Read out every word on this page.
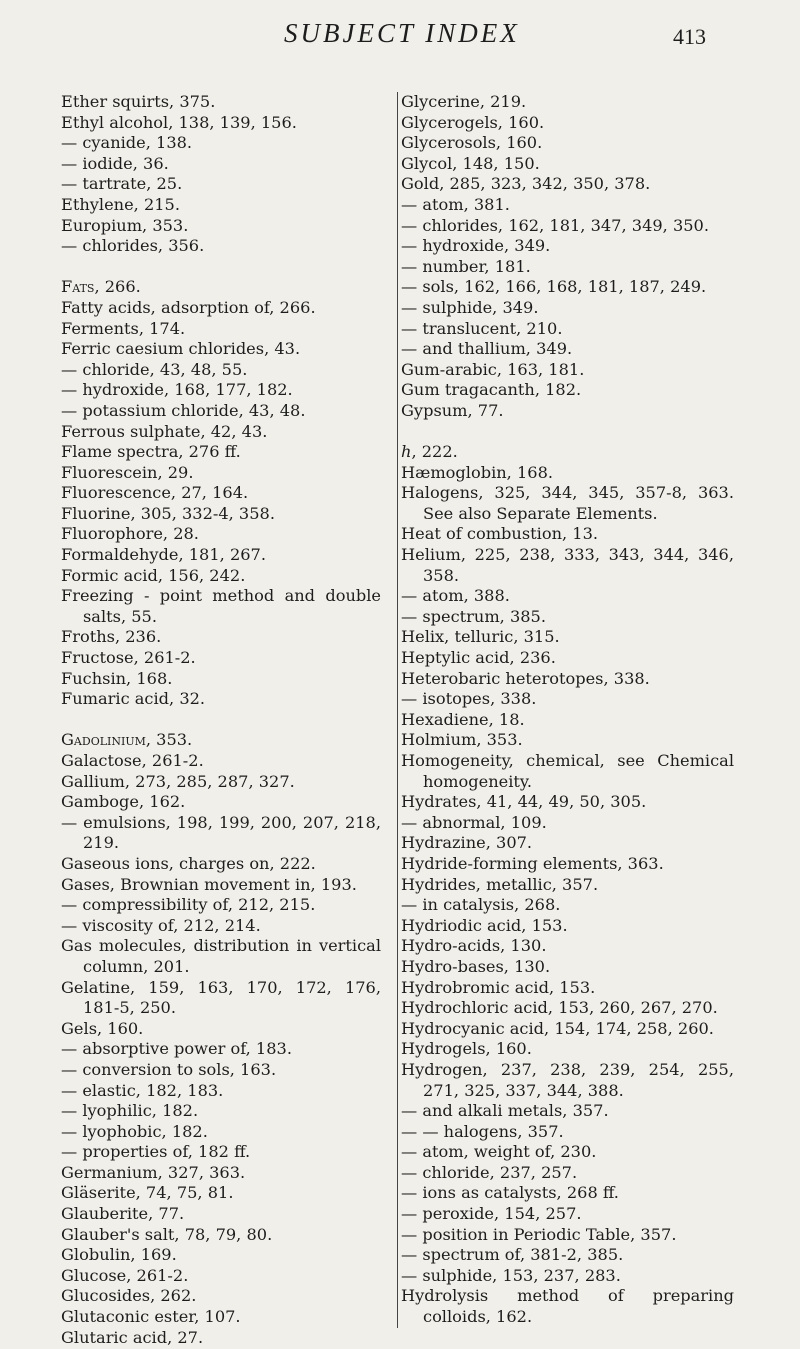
SUBJECT INDEX	413
Ether squirts, 375.
Ethyl alcohol, 138, 139, 156.
— cyanide, 138.
— iodide, 36.
— tartrate, 25.
Ethylene, 215.
Europium, 353.
— chlorides, 356.
Fats, 266.
Fatty acids, adsorption of, 266.
Ferments, 174.
Ferric caesium chlorides, 43.
— chloride, 43, 48, 55.
— hydroxide, 168, 177, 182.
— potassium chloride, 43, 48.
Ferrous sulphate, 42, 43.
Flame spectra, 276 ff.
Fluorescein, 29.
Fluorescence, 27, 164.
Fluorine, 305, 332-4, 358.
Fluorophore, 28.
Formaldehyde, 181, 267.
Formic acid, 156, 242.
Freezing - point method and double salts, 55.
Froths, 236.
Fructose, 261-2.
Fuchsin, 168.
Fumaric acid, 32.
Gadolinium, 353.
Galactose, 261-2.
Gallium, 273, 285, 287, 327.
Gamboge, 162.
— emulsions, 198, 199, 200, 207, 218, 219.
Gaseous ions, charges on, 222.
Gases, Brownian movement in, 193.
— compressibility of, 212, 215.
— viscosity of, 212, 214.
Gas molecules, distribution in vertical column, 201.
Gelatine, 159, 163, 170, 172, 176, 181-5, 250.
Gels, 160.
— absorptive power of, 183.
— conversion to sols, 163.
— elastic, 182, 183.
— lyophilic, 182.
— lyophobic, 182.
— properties of, 182 ff.
Germanium, 327, 363.
Gläserite, 74, 75, 81.
Glauberite, 77.
Glauber's salt, 78, 79, 80.
Globulin, 169.
Glucose, 261-2.
Glucosides, 262.
Glutaconic ester, 107.
Glutaric acid, 27.
Glycerine, 219.
Glycerogels, 160.
Glycerosols, 160.
Glycol, 148, 150.
Gold, 285, 323, 342, 350, 378.
— atom, 381.
— chlorides, 162, 181, 347, 349, 350.
— hydroxide, 349.
— number, 181.
— sols, 162, 166, 168, 181, 187, 249.
— sulphide, 349.
— translucent, 210.
— and thallium, 349.
Gum-arabic, 163, 181.
Gum tragacanth, 182.
Gypsum, 77.
h, 222.
Hæmoglobin, 168.
Halogens, 325, 344, 345, 357-8, 363. See also Separate Elements.
Heat of combustion, 13.
Helium, 225, 238, 333, 343, 344, 346, 358.
— atom, 388.
— spectrum, 385.
Helix, telluric, 315.
Heptylic acid, 236.
Heterobaric heterotopes, 338.
— isotopes, 338.
Hexadiene, 18.
Holmium, 353.
Homogeneity, chemical, see Chemical homogeneity.
Hydrates, 41, 44, 49, 50, 305.
— abnormal, 109.
Hydrazine, 307.
Hydride-forming elements, 363.
Hydrides, metallic, 357.
— in catalysis, 268.
Hydriodic acid, 153.
Hydro-acids, 130.
Hydro-bases, 130.
Hydrobromic acid, 153.
Hydrochloric acid, 153, 260, 267, 270.
Hydrocyanic acid, 154, 174, 258, 260.
Hydrogels, 160.
Hydrogen, 237, 238, 239, 254, 255, 271, 325, 337, 344, 388.
— and alkali metals, 357.
— — halogens, 357.
— atom, weight of, 230.
— chloride, 237, 257.
— ions as catalysts, 268 ff.
— peroxide, 154, 257.
— position in Periodic Table, 357.
— spectrum of, 381-2, 385.
— sulphide, 153, 237, 283.
Hydrolysis method of preparing colloids, 162.
